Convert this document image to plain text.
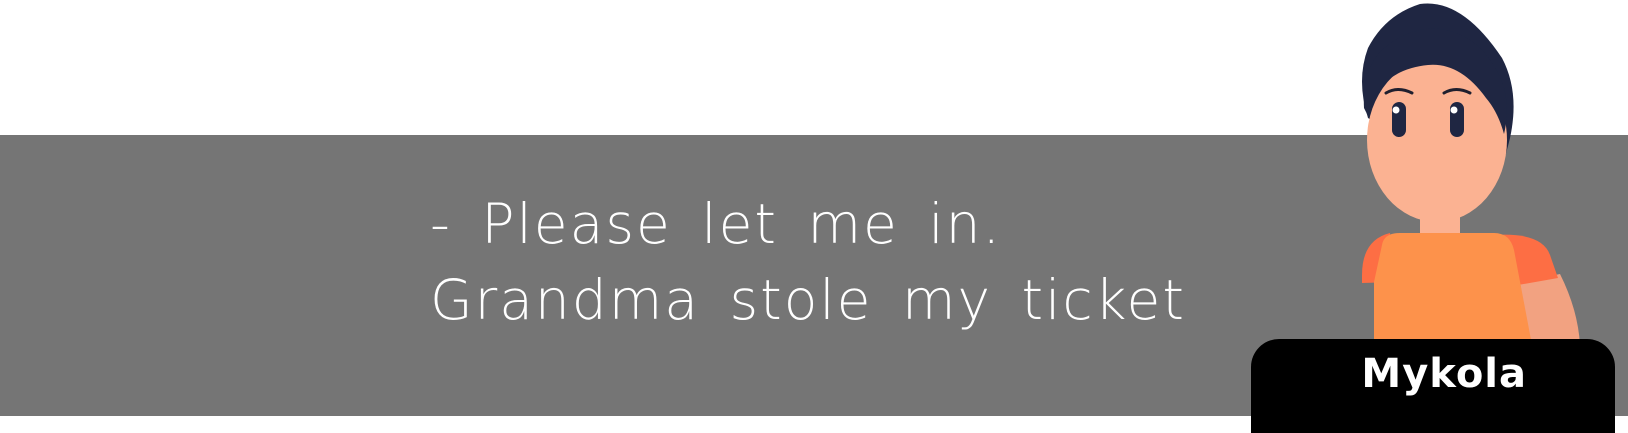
- Please let me in. Grandma stole my ticket

Mykola
